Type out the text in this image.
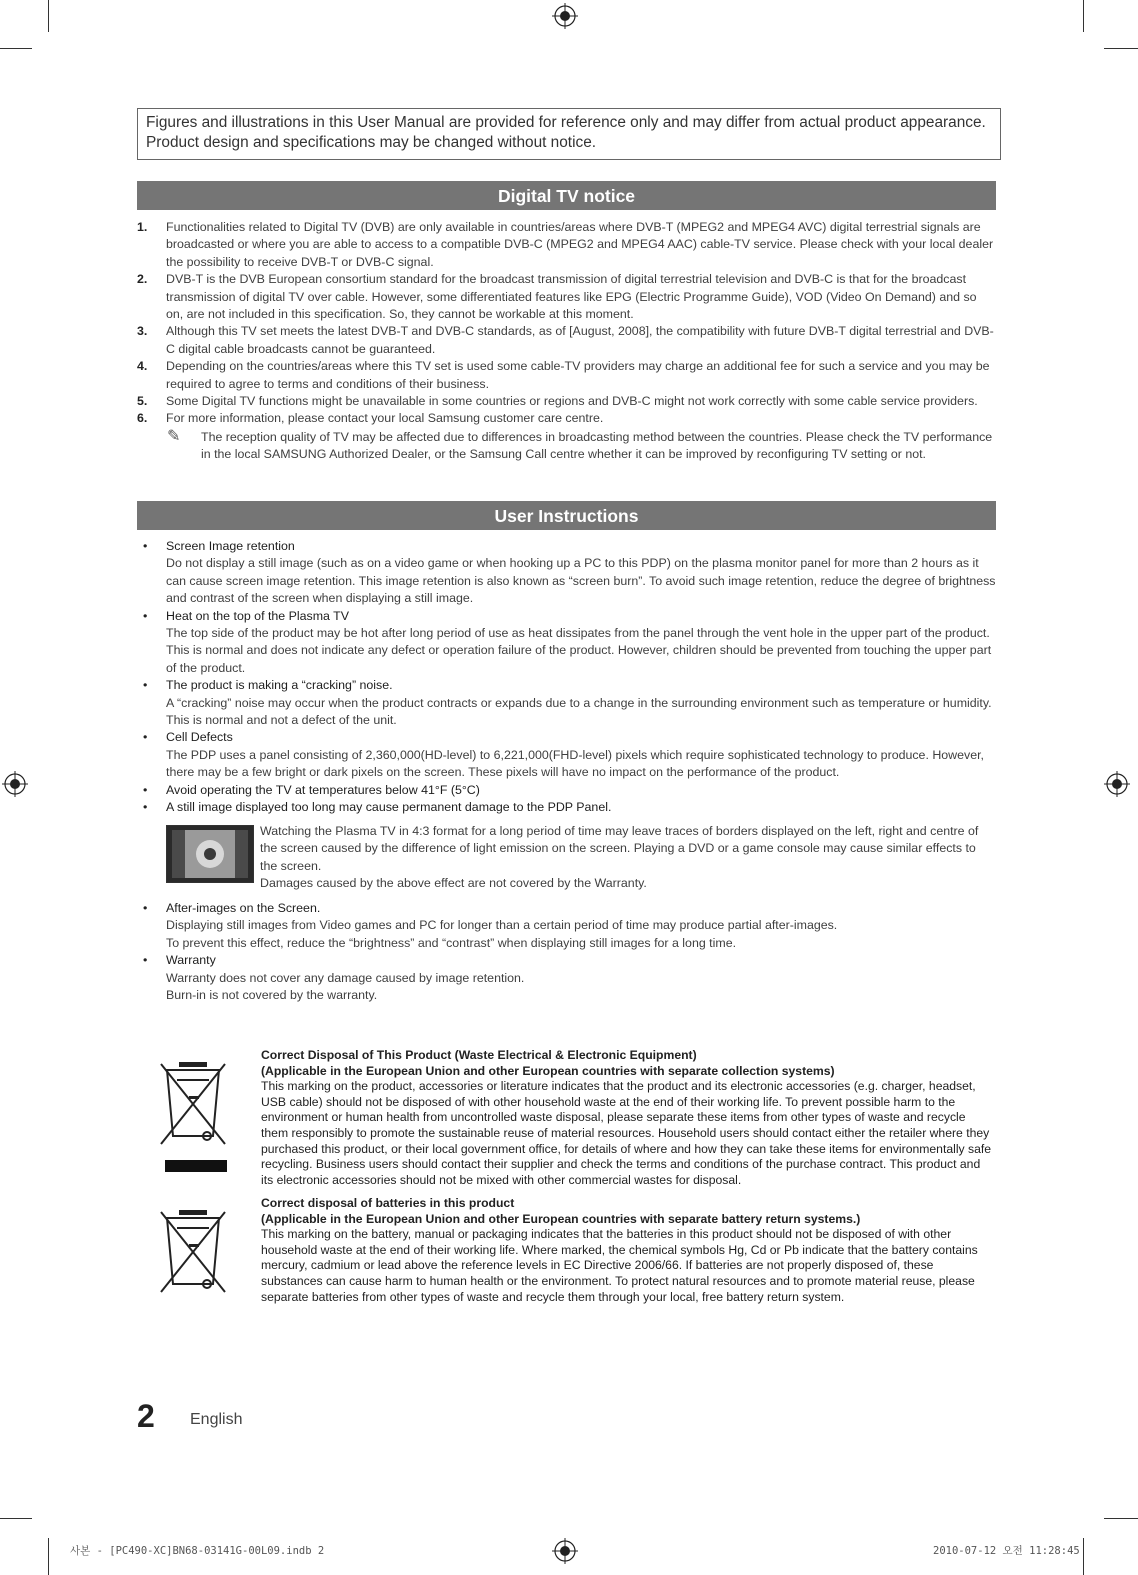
Figures and illustrations in this User Manual are provided for reference only and may differ from actual product appearance.
Product design and specifications may be changed without notice.
Digital TV notice
1. Functionalities related to Digital TV (DVB) are only available in countries/areas where DVB-T (MPEG2 and MPEG4 AVC) digital terrestrial signals are broadcasted or where you are able to access to a compatible DVB-C (MPEG2 and MPEG4 AAC) cable-TV service. Please check with your local dealer the possibility to receive DVB-T or DVB-C signal.
2. DVB-T is the DVB European consortium standard for the broadcast transmission of digital terrestrial television and DVB-C is that for the broadcast transmission of digital TV over cable. However, some differentiated features like EPG (Electric Programme Guide), VOD (Video On Demand) and so on, are not included in this specification. So, they cannot be workable at this moment.
3. Although this TV set meets the latest DVB-T and DVB-C standards, as of [August, 2008], the compatibility with future DVB-T digital terrestrial and DVB-C digital cable broadcasts cannot be guaranteed.
4. Depending on the countries/areas where this TV set is used some cable-TV providers may charge an additional fee for such a service and you may be required to agree to terms and conditions of their business.
5. Some Digital TV functions might be unavailable in some countries or regions and DVB-C might not work correctly with some cable service providers.
6. For more information, please contact your local Samsung customer care centre.
✎ The reception quality of TV may be affected due to differences in broadcasting method between the countries. Please check the TV performance in the local SAMSUNG Authorized Dealer, or the Samsung Call centre whether it can be improved by reconfiguring TV setting or not.
User Instructions
• Screen Image retention
Do not display a still image (such as on a video game or when hooking up a PC to this PDP) on the plasma monitor panel for more than 2 hours as it can cause screen image retention. This image retention is also known as “screen burn”. To avoid such image retention, reduce the degree of brightness and contrast of the screen when displaying a still image.
• Heat on the top of the Plasma TV
The top side of the product may be hot after long period of use as heat dissipates from the panel through the vent hole in the upper part of the product. This is normal and does not indicate any defect or operation failure of the product. However, children should be prevented from touching the upper part of the product.
• The product is making a “cracking” noise.
A “cracking” noise may occur when the product contracts or expands due to a change in the surrounding environment such as temperature or humidity. This is normal and not a defect of the unit.
• Cell Defects
The PDP uses a panel consisting of 2,360,000(HD-level) to 6,221,000(FHD-level) pixels which require sophisticated technology to produce. However, there may be a few bright or dark pixels on the screen. These pixels will have no impact on the performance of the product.
• Avoid operating the TV at temperatures below 41°F (5°C)
• A still image displayed too long may cause permanent damage to the PDP Panel.
Watching the Plasma TV in 4:3 format for a long period of time may leave traces of borders displayed on the left, right and centre of the screen caused by the difference of light emission on the screen. Playing a DVD or a game console may cause similar effects to the screen.
Damages caused by the above effect are not covered by the Warranty.
• After-images on the Screen.
Displaying still images from Video games and PC for longer than a certain period of time may produce partial after-images.
To prevent this effect, reduce the “brightness” and “contrast” when displaying still images for a long time.
• Warranty
Warranty does not cover any damage caused by image retention.
Burn-in is not covered by the warranty.
Correct Disposal of This Product (Waste Electrical & Electronic Equipment)
(Applicable in the European Union and other European countries with separate collection systems)
This marking on the product, accessories or literature indicates that the product and its electronic accessories (e.g. charger, headset, USB cable) should not be disposed of with other household waste at the end of their working life. To prevent possible harm to the environment or human health from uncontrolled waste disposal, please separate these items from other types of waste and recycle them responsibly to promote the sustainable reuse of material resources. Household users should contact either the retailer where they purchased this product, or their local government office, for details of where and how they can take these items for environmentally safe recycling. Business users should contact their supplier and check the terms and conditions of the purchase contract. This product and its electronic accessories should not be mixed with other commercial wastes for disposal.
Correct disposal of batteries in this product
(Applicable in the European Union and other European countries with separate battery return systems.)
This marking on the battery, manual or packaging indicates that the batteries in this product should not be disposed of with other household waste at the end of their working life. Where marked, the chemical symbols Hg, Cd or Pb indicate that the battery contains mercury, cadmium or lead above the reference levels in EC Directive 2006/66. If batteries are not properly disposed of, these substances can cause harm to human health or the environment. To protect natural resources and to promote material reuse, please separate batteries from other types of waste and recycle them through your local, free battery return system.
2 English
사본 - [PC490-XC]BN68-03141G-00L09.indb 2	2010-07-12 오전 11:28:45
